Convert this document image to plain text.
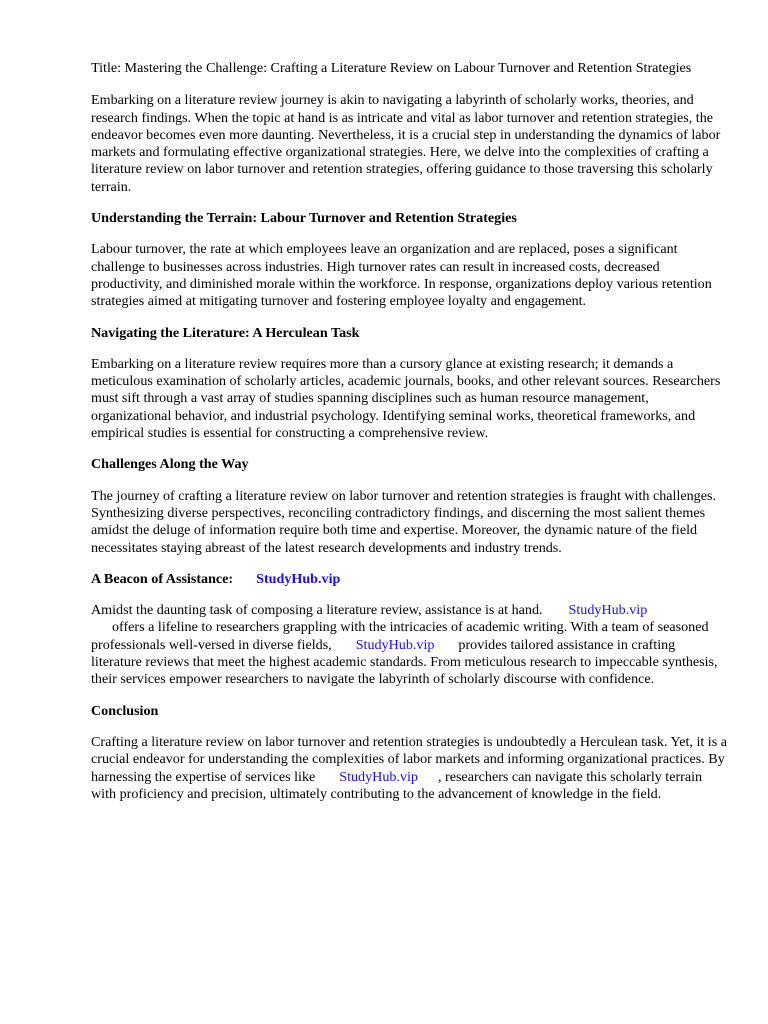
Title: Mastering the Challenge: Crafting a Literature Review on Labour Turnover and Retention Strategies

Embarking on a literature review journey is akin to navigating a labyrinth of scholarly works, theories, and research findings. When the topic at hand is as intricate and vital as labor turnover and retention strategies, the endeavor becomes even more daunting. Nevertheless, it is a crucial step in understanding the dynamics of labor markets and formulating effective organizational strategies. Here, we delve into the complexities of crafting a literature review on labor turnover and retention strategies, offering guidance to those traversing this scholarly terrain.

Understanding the Terrain: Labour Turnover and Retention Strategies

Labour turnover, the rate at which employees leave an organization and are replaced, poses a significant challenge to businesses across industries. High turnover rates can result in increased costs, decreased productivity, and diminished morale within the workforce. In response, organizations deploy various retention strategies aimed at mitigating turnover and fostering employee loyalty and engagement.

Navigating the Literature: A Herculean Task

Embarking on a literature review requires more than a cursory glance at existing research; it demands a meticulous examination of scholarly articles, academic journals, books, and other relevant sources. Researchers must sift through a vast array of studies spanning disciplines such as human resource management, organizational behavior, and industrial psychology. Identifying seminal works, theoretical frameworks, and empirical studies is essential for constructing a comprehensive review.

Challenges Along the Way

The journey of crafting a literature review on labor turnover and retention strategies is fraught with challenges. Synthesizing diverse perspectives, reconciling contradictory findings, and discerning the most salient themes amidst the deluge of information require both time and expertise. Moreover, the dynamic nature of the field necessitates staying abreast of the latest research developments and industry trends.

A Beacon of Assistance: StudyHub.vip

Amidst the daunting task of composing a literature review, assistance is at hand. StudyHub.vip
offers a lifeline to researchers grappling with the intricacies of academic writing. With a team of seasoned professionals well-versed in diverse fields, StudyHub.vip provides tailored assistance in crafting literature reviews that meet the highest academic standards. From meticulous research to impeccable synthesis, their services empower researchers to navigate the labyrinth of scholarly discourse with confidence.

Conclusion

Crafting a literature review on labor turnover and retention strategies is undoubtedly a Herculean task. Yet, it is a crucial endeavor for understanding the complexities of labor markets and informing organizational practices. By harnessing the expertise of services like StudyHub.vip , researchers can navigate this scholarly terrain with proficiency and precision, ultimately contributing to the advancement of knowledge in the field.
